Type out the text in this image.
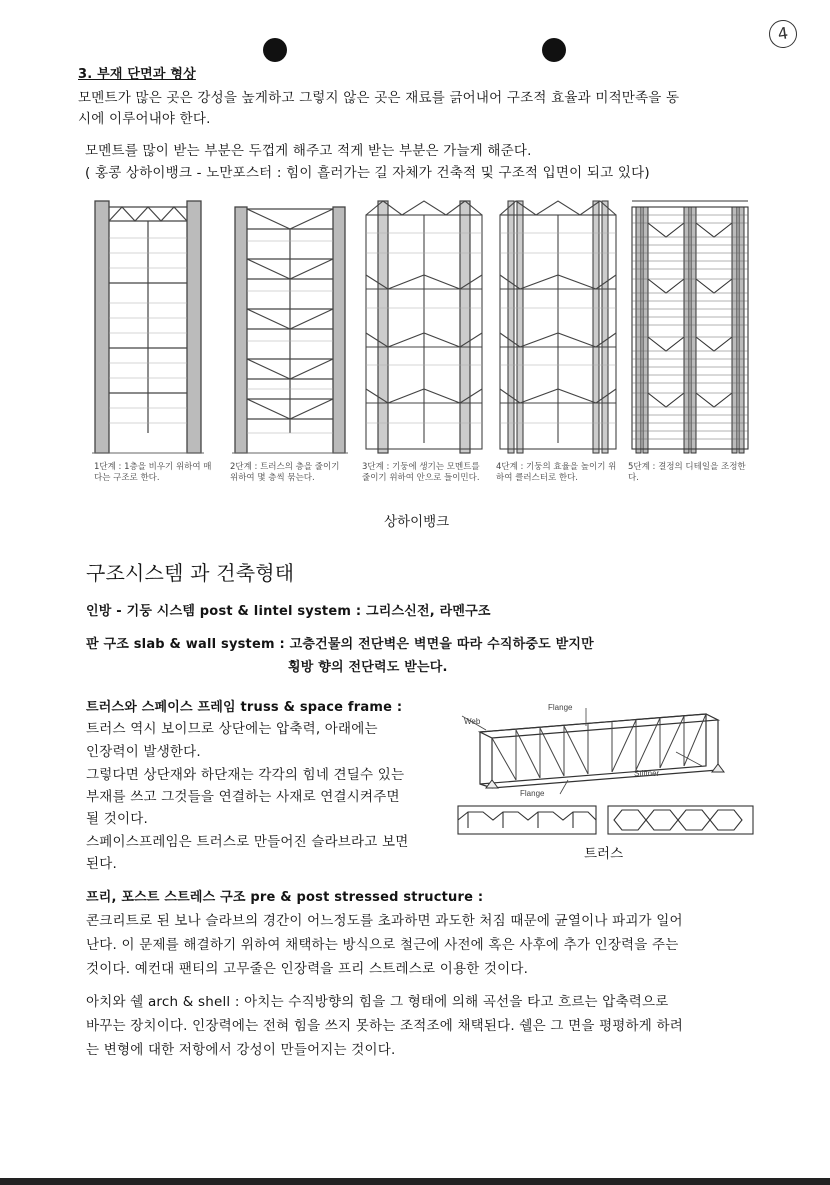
4
3. 부재 단면과 형상
모멘트가 많은 곳은 강성을 높게하고 그렇지 않은 곳은 재료를 긁어내어 구조적 효율과 미적만족을 동
시에 이루어내야 한다.
모멘트를 많이 받는 부분은 두껍게 해주고 적게 받는 부분은 가늘게 해준다.
( 홍콩 상하이뱅크 - 노만포스터 : 힘이 흘러가는 길 자체가 건축적 및 구조적 입면이 되고 있다)
1단계 : 1층을 비우기 위하여 매다는 구조로 한다.
2단계 : 트러스의 층을 줄이기 위하여 몇 층씩 묶는다.
3단계 : 기둥에 생기는 모멘트를 줄이기 위하여 안으로 들이민다.
4단계 : 기둥의 효율을 높이기 위하여 클러스터로 한다.
5단계 : 결정의 디테일을 조정한다.
상하이뱅크
구조시스템 과 건축형태
인방 - 기둥 시스템 post & lintel system : 그리스신전, 라멘구조
판 구조 slab & wall system : 고층건물의 전단벽은 벽면을 따라 수직하중도 받지만
횡방 향의 전단력도 받는다.
트러스와 스페이스 프레임 truss & space frame :
트러스 역시 보이므로 상단에는 압축력, 아래에는
인장력이 발생한다.
그렇다면 상단재와 하단재는 각각의 힘네 견딜수 있는
부재를 쓰고 그것들을 연결하는 사재로 연결시켜주면
될 것이다.
스페이스프레임은 트러스로 만들어진 슬라브라고 보면
된다.
Flange
Web
Stiffner
Flange
트러스
프리, 포스트 스트레스 구조 pre & post stressed structure :
콘크리트로 된 보나 슬라브의 경간이 어느정도를 초과하면 과도한 처짐 때문에 균열이나 파괴가 일어
난다. 이 문제를 해결하기 위하여 채택하는 방식으로 철근에 사전에 혹은 사후에 추가 인장력을 주는
것이다. 예컨대 팬티의 고무줄은 인장력을 프리 스트레스로 이용한 것이다.
아치와 쉘 arch & shell : 아치는 수직방향의 힘을 그 형태에 의해 곡선을 타고 흐르는 압축력으로
바꾸는 장치이다. 인장력에는 전혀 힘을 쓰지 못하는 조적조에 채택된다. 쉘은 그 면을 평평하게 하려
는 변형에 대한 저항에서 강성이 만들어지는 것이다.
